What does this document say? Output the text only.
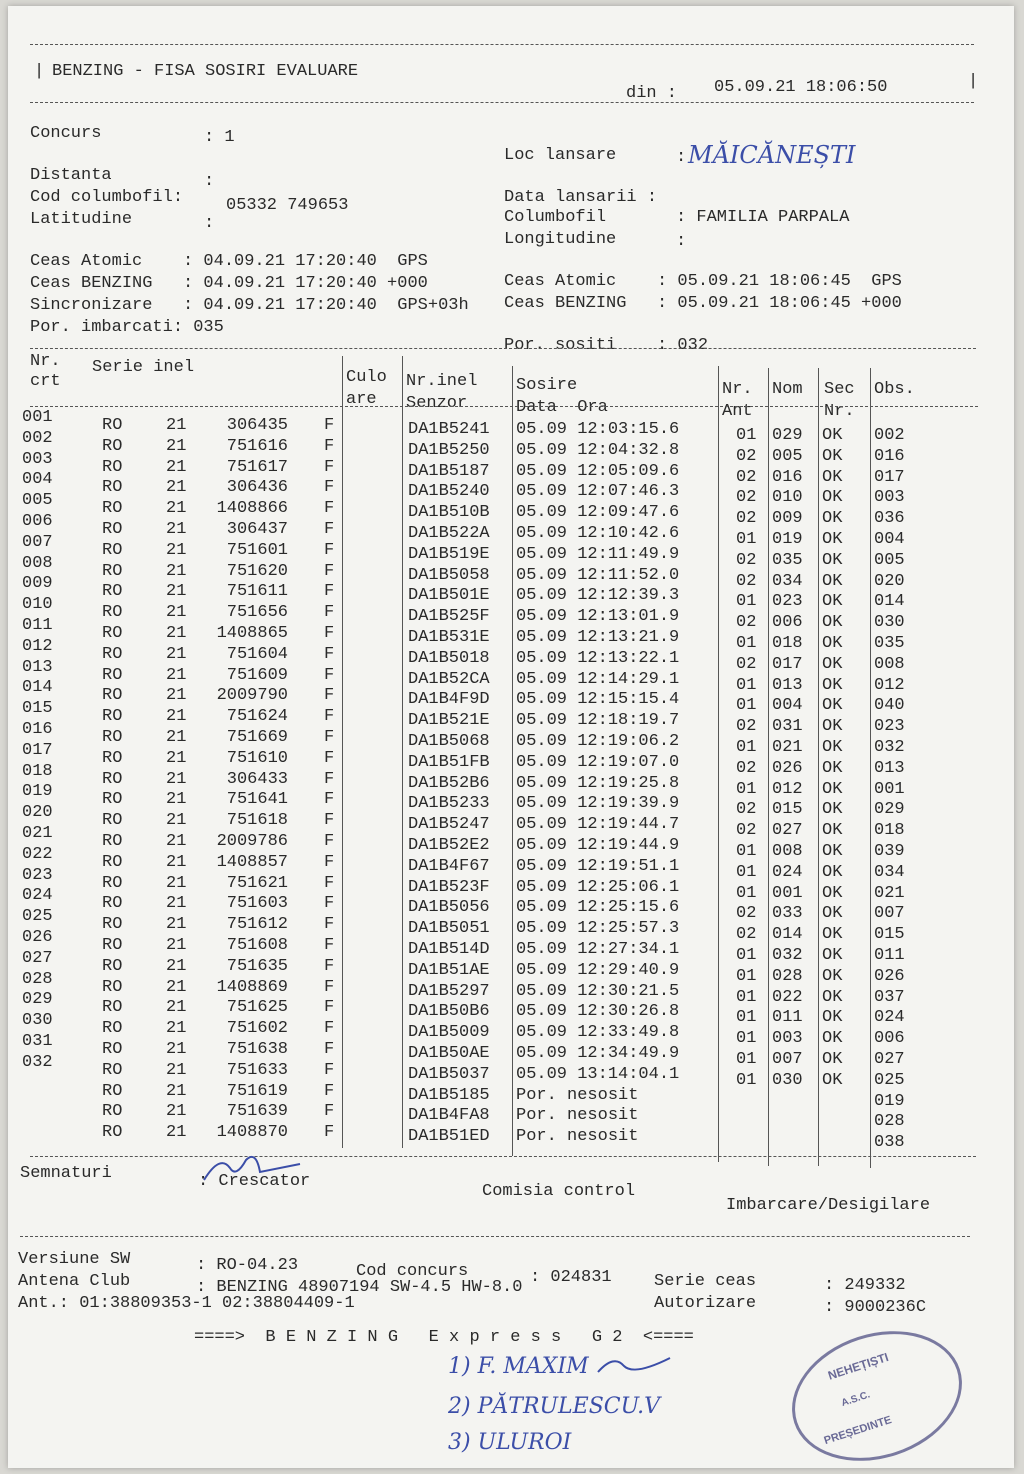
|
|
BENZING - FISA SOSIRI EVALUARE
din : 05.09.21 18:06:50
Concurs	: 1
Distanta	:
Cod columbofil:	05332 749653
Latitudine	:
Loc lansare	: MĂICĂNEȘTI
Data lansarii :
Columbofil	: FAMILIA PARPALA
Longitudine	:
Ceas Atomic    : 04.09.21 17:20:40  GPS
Ceas BENZING   : 04.09.21 17:20:40 +000
Sincronizare   : 04.09.21 17:20:40  GPS+03h
Por. imbarcati: 035
Ceas Atomic    : 05.09.21 18:06:45  GPS
Ceas BENZING   : 05.09.21 18:06:45 +000
Por. sositi    : 032
Nr.
crt
Serie inel
Culo
are
Nr.inel
Senzor
Sosire
Data  Ora
Nr.
Ant
Nom Sec
Nr.
Obs.
001	RO	21	306435 F	DA1B5241 05.09 12:03:15.6	01 029 OK 002
002	RO	21	751616 F	DA1B5250 05.09 12:04:32.8	02 005 OK 016
003	RO	21	751617 F	DA1B5187 05.09 12:05:09.6	02 016 OK 017
004	RO	21	306436 F	DA1B5240 05.09 12:07:46.3	02 010 OK 003
005	RO	21	1408866 F	DA1B510B 05.09 12:09:47.6	02 009 OK 036
006	RO	21	306437 F	DA1B522A 05.09 12:10:42.6	01 019 OK 004
007	RO	21	751601 F	DA1B519E 05.09 12:11:49.9	02 035 OK 005
008	RO	21	751620 F	DA1B5058 05.09 12:11:52.0	02 034 OK 020
009	RO	21	751611 F	DA1B501E 05.09 12:12:39.3	01 023 OK 014
010	RO	21	751656 F	DA1B525F 05.09 12:13:01.9	02 006 OK 030
011	RO	21	1408865 F	DA1B531E 05.09 12:13:21.9	01 018 OK 035
012	RO	21	751604 F	DA1B5018 05.09 12:13:22.1	02 017 OK 008
013	RO	21	751609 F	DA1B52CA 05.09 12:14:29.1	01 013 OK 012
014	RO	21	2009790 F	DA1B4F9D 05.09 12:15:15.4	01 004 OK 040
015	RO	21	751624 F	DA1B521E 05.09 12:18:19.7	02 031 OK 023
016	RO	21	751669 F	DA1B5068 05.09 12:19:06.2	01 021 OK 032
017	RO	21	751610 F	DA1B51FB 05.09 12:19:07.0	02 026 OK 013
018	RO	21	306433 F	DA1B52B6 05.09 12:19:25.8	01 012 OK 001
019	RO	21	751641 F	DA1B5233 05.09 12:19:39.9	02 015 OK 029
020	RO	21	751618 F	DA1B5247 05.09 12:19:44.7	02 027 OK 018
021	RO	21	2009786 F	DA1B52E2 05.09 12:19:44.9	01 008 OK 039
022	RO	21	1408857 F	DA1B4F67 05.09 12:19:51.1	01 024 OK 034
023	RO	21	751621 F	DA1B523F 05.09 12:25:06.1	01 001 OK 021
024	RO	21	751603 F	DA1B5056 05.09 12:25:15.6	02 033 OK 007
025	RO	21	751612 F	DA1B5051 05.09 12:25:57.3	02 014 OK 015
026	RO	21	751608 F	DA1B514D 05.09 12:27:34.1	01 032 OK 011
027	RO	21	751635 F	DA1B51AE 05.09 12:29:40.9	01 028 OK 026
028	RO	21	1408869 F	DA1B5297 05.09 12:30:21.5	01 022 OK 037
029	RO	21	751625 F	DA1B50B6 05.09 12:30:26.8	01 011 OK 024
030	RO	21	751602 F	DA1B5009 05.09 12:33:49.8	01 003 OK 006
031	RO	21	751638 F	DA1B50AE 05.09 12:34:49.9	01 007 OK 027
032	RO	21	751633 F	DA1B5037 05.09 13:14:04.1	01 030 OK 025
RO	21	751619 F	DA1B5185 Por. nesosit	019
RO	21	751639 F	DA1B4FA8 Por. nesosit	028
RO	21	1408870 F	DA1B51ED Por. nesosit	038
Semnaturi	: Crescator
Comisia control
Imbarcare/Desigilare
Versiune SW	: RO-04.23	Cod concurs	: 024831
Antena Club	: BENZING 48907194 SW-4.5 HW-8.0	Serie ceas	: 249332
Ant.: 01:38809353-1 02:38804409-1	Autorizare	: 9000236C
====>  B E N Z I N G   E x p r e s s   G 2  <====
1) F. MAXIM
2) PĂTRULESCU.V
3) ULUROI
NEHEȚIȘTI
A.S.C.
PREȘEDINTE
